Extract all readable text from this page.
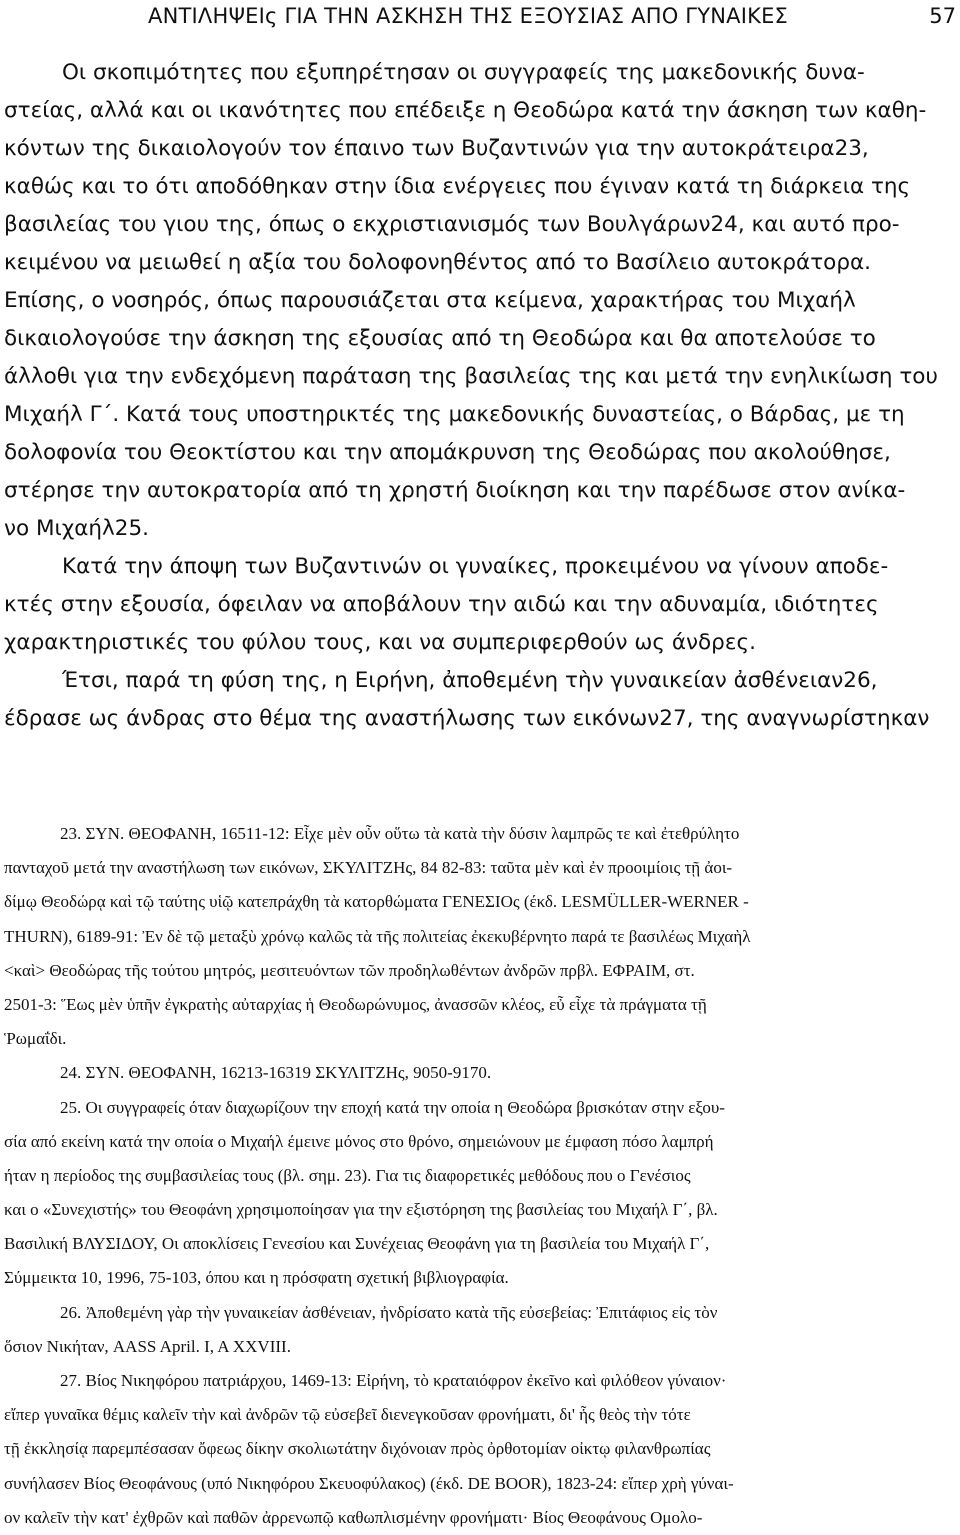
ΑΝΤΙΛΗΨΕΙς ΓΙΑ ΤΗΝ ΑΣΚΗΣΗ ΤΗΣ ΕΞΟΥΣΙΑΣ ΑΠΟ ΓΥΝΑΙΚΕΣ	57
Οι σκοπιμότητες που εξυπηρέτησαν οι συγγραφείς της μακεδονικής δυνα-
στείας, αλλά και οι ικανότητες που επέδειξε η Θεοδώρα κατά την άσκηση των καθη-
κόντων της δικαιολογούν τον έπαινο των Βυζαντινών για την αυτοκράτειρα23,
καθώς και το ότι αποδόθηκαν στην ίδια ενέργειες που έγιναν κατά τη διάρκεια της
βασιλείας του γιου της, όπως ο εκχριστιανισμός των Βουλγάρων24, και αυτό προ-
κειμένου να μειωθεί η αξία του δολοφονηθέντος από το Βασίλειο αυτοκράτορα.
Επίσης, ο νοσηρός, όπως παρουσιάζεται στα κείμενα, χαρακτήρας του Μιχαήλ
δικαιολογούσε την άσκηση της εξουσίας από τη Θεοδώρα και θα αποτελούσε το
άλλοθι για την ενδεχόμενη παράταση της βασιλείας της και μετά την ενηλικίωση του
Μιχαήλ Γ΄. Κατά τους υποστηρικτές της μακεδονικής δυναστείας, ο Βάρδας, με τη
δολοφονία του Θεοκτίστου και την απομάκρυνση της Θεοδώρας που ακολούθησε,
στέρησε την αυτοκρατορία από τη χρηστή διοίκηση και την παρέδωσε στον ανίκα-
νο Μιχαήλ25.
Κατά την άποψη των Βυζαντινών οι γυναίκες, προκειμένου να γίνουν αποδε-
κτές στην εξουσία, όφειλαν να αποβάλουν την αιδώ και την αδυναμία, ιδιότητες
χαρακτηριστικές του φύλου τους, και να συμπεριφερθούν ως άνδρες.
Έτσι, παρά τη φύση της, η Ειρήνη, ἀποθεμένη τὴν γυναικείαν ἀσθένειαν26,
έδρασε ως άνδρας στο θέμα της αναστήλωσης των εικόνων27, της αναγνωρίστηκαν
23. ΣΥΝ. ΘΕΟΦΑΝΗ, 16511-12: Εἶχε μὲν οὖν οὕτω τὰ κατὰ τὴν δύσιν λαμπρῶς τε καὶ ἐτεθρύλητο
πανταχοῦ μετά την αναστήλωση των εικόνων, ΣΚΥΛΙΤΖΗς, 84 82-83: ταῦτα μὲν καὶ ἐν προοιμίοις τῇ ἀοι-
δίμῳ Θεοδώρᾳ καὶ τῷ ταύτης υἱῷ κατεπράχθη τὰ κατορθώματα ΓΕΝΕΣΙΟς (έκδ. LESMÜLLER-WERNER -
THURN), 6189-91: Ἐν δὲ τῷ μεταξὺ χρόνῳ καλῶς τὰ τῆς πολιτείας ἐκεκυβέρνητο παρά τε βασιλέως Μιχαὴλ
<καὶ> Θεοδώρας τῆς τούτου μητρός, μεσιτευόντων τῶν προδηλωθέντων ἀνδρῶν πρβλ. ΕΦΡΑΙΜ, στ.
2501-3: Ἕως μὲν ὑπῆν ἐγκρατὴς αὐταρχίας ἡ Θεοδωρώνυμος, ἀνασσῶν κλέος, εὖ εἶχε τὰ πράγματα τῇ
Ῥωμαΐδι.
24. ΣΥΝ. ΘΕΟΦΑΝΗ, 16213-16319 ΣΚΥΛΙΤΖΗς, 9050-9170.
25. Οι συγγραφείς όταν διαχωρίζουν την εποχή κατά την οποία η Θεοδώρα βρισκόταν στην εξου-
σία από εκείνη κατά την οποία ο Μιχαήλ έμεινε μόνος στο θρόνο, σημειώνουν με έμφαση πόσο λαμπρή
ήταν η περίοδος της συμβασιλείας τους (βλ. σημ. 23). Για τις διαφορετικές μεθόδους που ο Γενέσιος
και ο «Συνεχιστής» του Θεοφάνη χρησιμοποίησαν για την εξιστόρηση της βασιλείας του Μιχαήλ Γ΄, βλ.
Βασιλική ΒΛΥΣΙΔΟΥ, Οι αποκλίσεις Γενεσίου και Συνέχειας Θεοφάνη για τη βασιλεία του Μιχαήλ Γ΄,
Σύμμεικτα 10, 1996, 75-103, όπου και η πρόσφατη σχετική βιβλιογραφία.
26. Ἀποθεμένη γὰρ τὴν γυναικείαν ἀσθένειαν, ἠνδρίσατο κατὰ τῆς εὐσεβείας: Ἐπιτάφιος εἰς τὸν
ὅσιον Νικήταν, AASS April. I, A XXVIII.
27. Βίος Νικηφόρου πατριάρχου, 1469-13: Εἰρήνη, τὸ κραταιόφρον ἐκεῖνο καὶ φιλόθεον γύναιον·
εἴπερ γυναῖκα θέμις καλεῖν τὴν καὶ ἀνδρῶν τῷ εὐσεβεῖ διενεγκοῦσαν φρονήματι, δι' ἧς θεὸς τὴν τότε
τῇ ἐκκλησίᾳ παρεμπέσασαν ὄφεως δίκην σκολιωτάτην διχόνοιαν πρὸς ὀρθοτομίαν οἰκτῳ φιλανθρωπίας
συνήλασεν Βίος Θεοφάνους (υπό Νικηφόρου Σκευοφύλακος) (έκδ. DE BOOR), 1823-24: εἴπερ χρὴ γύναι-
ον καλεῖν τὴν κατ' ἐχθρῶν καὶ παθῶν ἀρρενωπῷ καθωπλισμένην φρονήματι· Βίος Θεοφάνους Ομολο-
